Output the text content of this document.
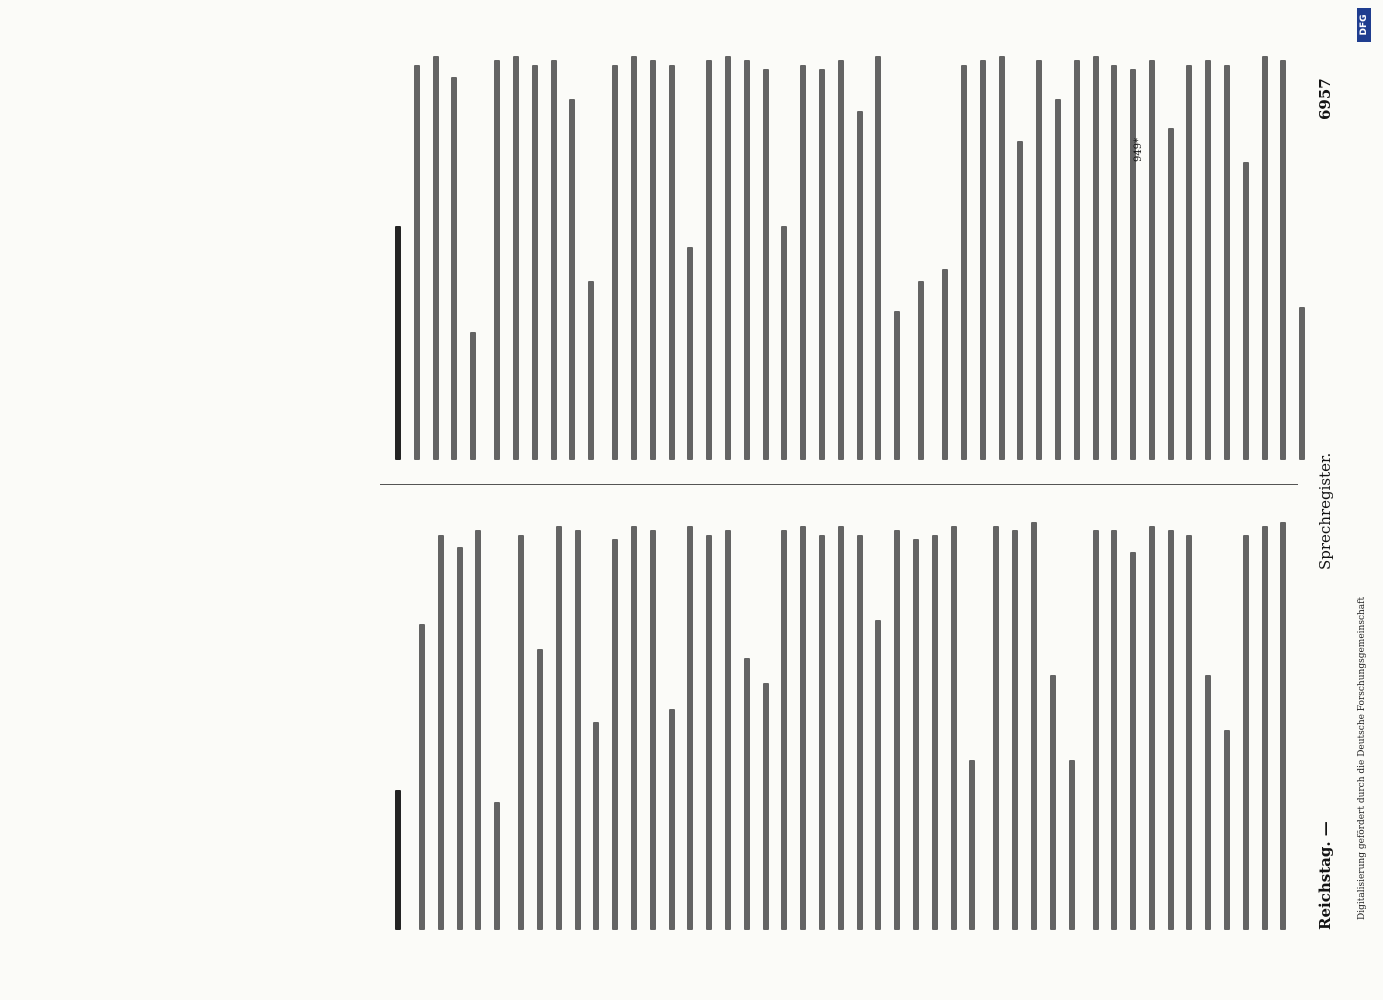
Reichstag. —
Sprechregister.
6957
949*
Digitalisierung gefördert durch die Deutsche Forschungsgemeinschaft
DFG
